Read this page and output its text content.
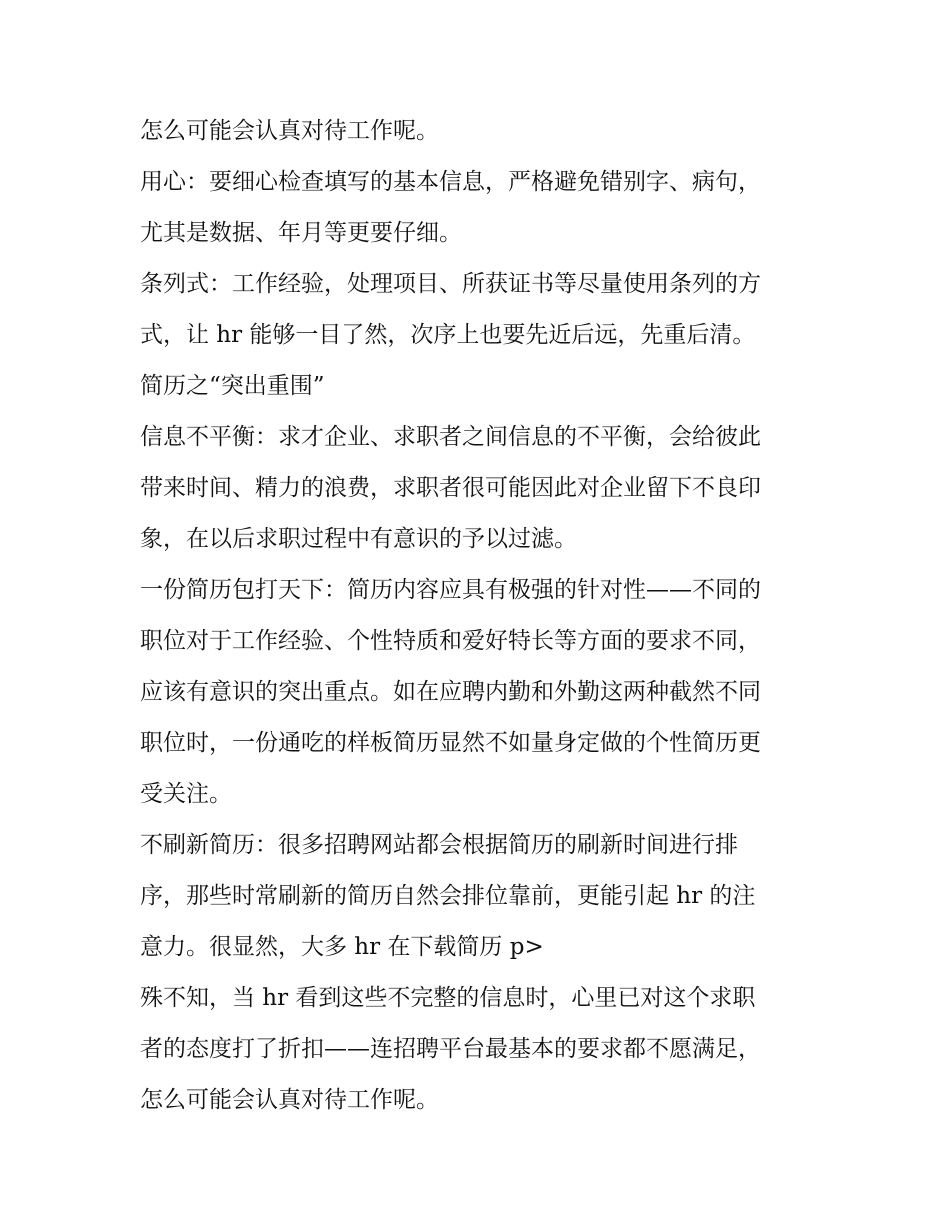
怎么可能会认真对待工作呢。
用心：要细心检查填写的基本信息，严格避免错别字、病句，
尤其是数据、年月等更要仔细。
条列式：工作经验，处理项目、所获证书等尽量使用条列的方
式，让 hr 能够一目了然，次序上也要先近后远，先重后清。
简历之“突出重围”
信息不平衡：求才企业、求职者之间信息的不平衡，会给彼此
带来时间、精力的浪费，求职者很可能因此对企业留下不良印
象，在以后求职过程中有意识的予以过滤。
一份简历包打天下：简历内容应具有极强的针对性——不同的
职位对于工作经验、个性特质和爱好特长等方面的要求不同，
应该有意识的突出重点。如在应聘内勤和外勤这两种截然不同
职位时，一份通吃的样板简历显然不如量身定做的个性简历更
受关注。
不刷新简历：很多招聘网站都会根据简历的刷新时间进行排
序，那些时常刷新的简历自然会排位靠前，更能引起 hr 的注
意力。很显然，大多 hr 在下载简历 p>
殊不知，当 hr 看到这些不完整的信息时，心里已对这个求职
者的态度打了折扣——连招聘平台最基本的要求都不愿满足，
怎么可能会认真对待工作呢。
